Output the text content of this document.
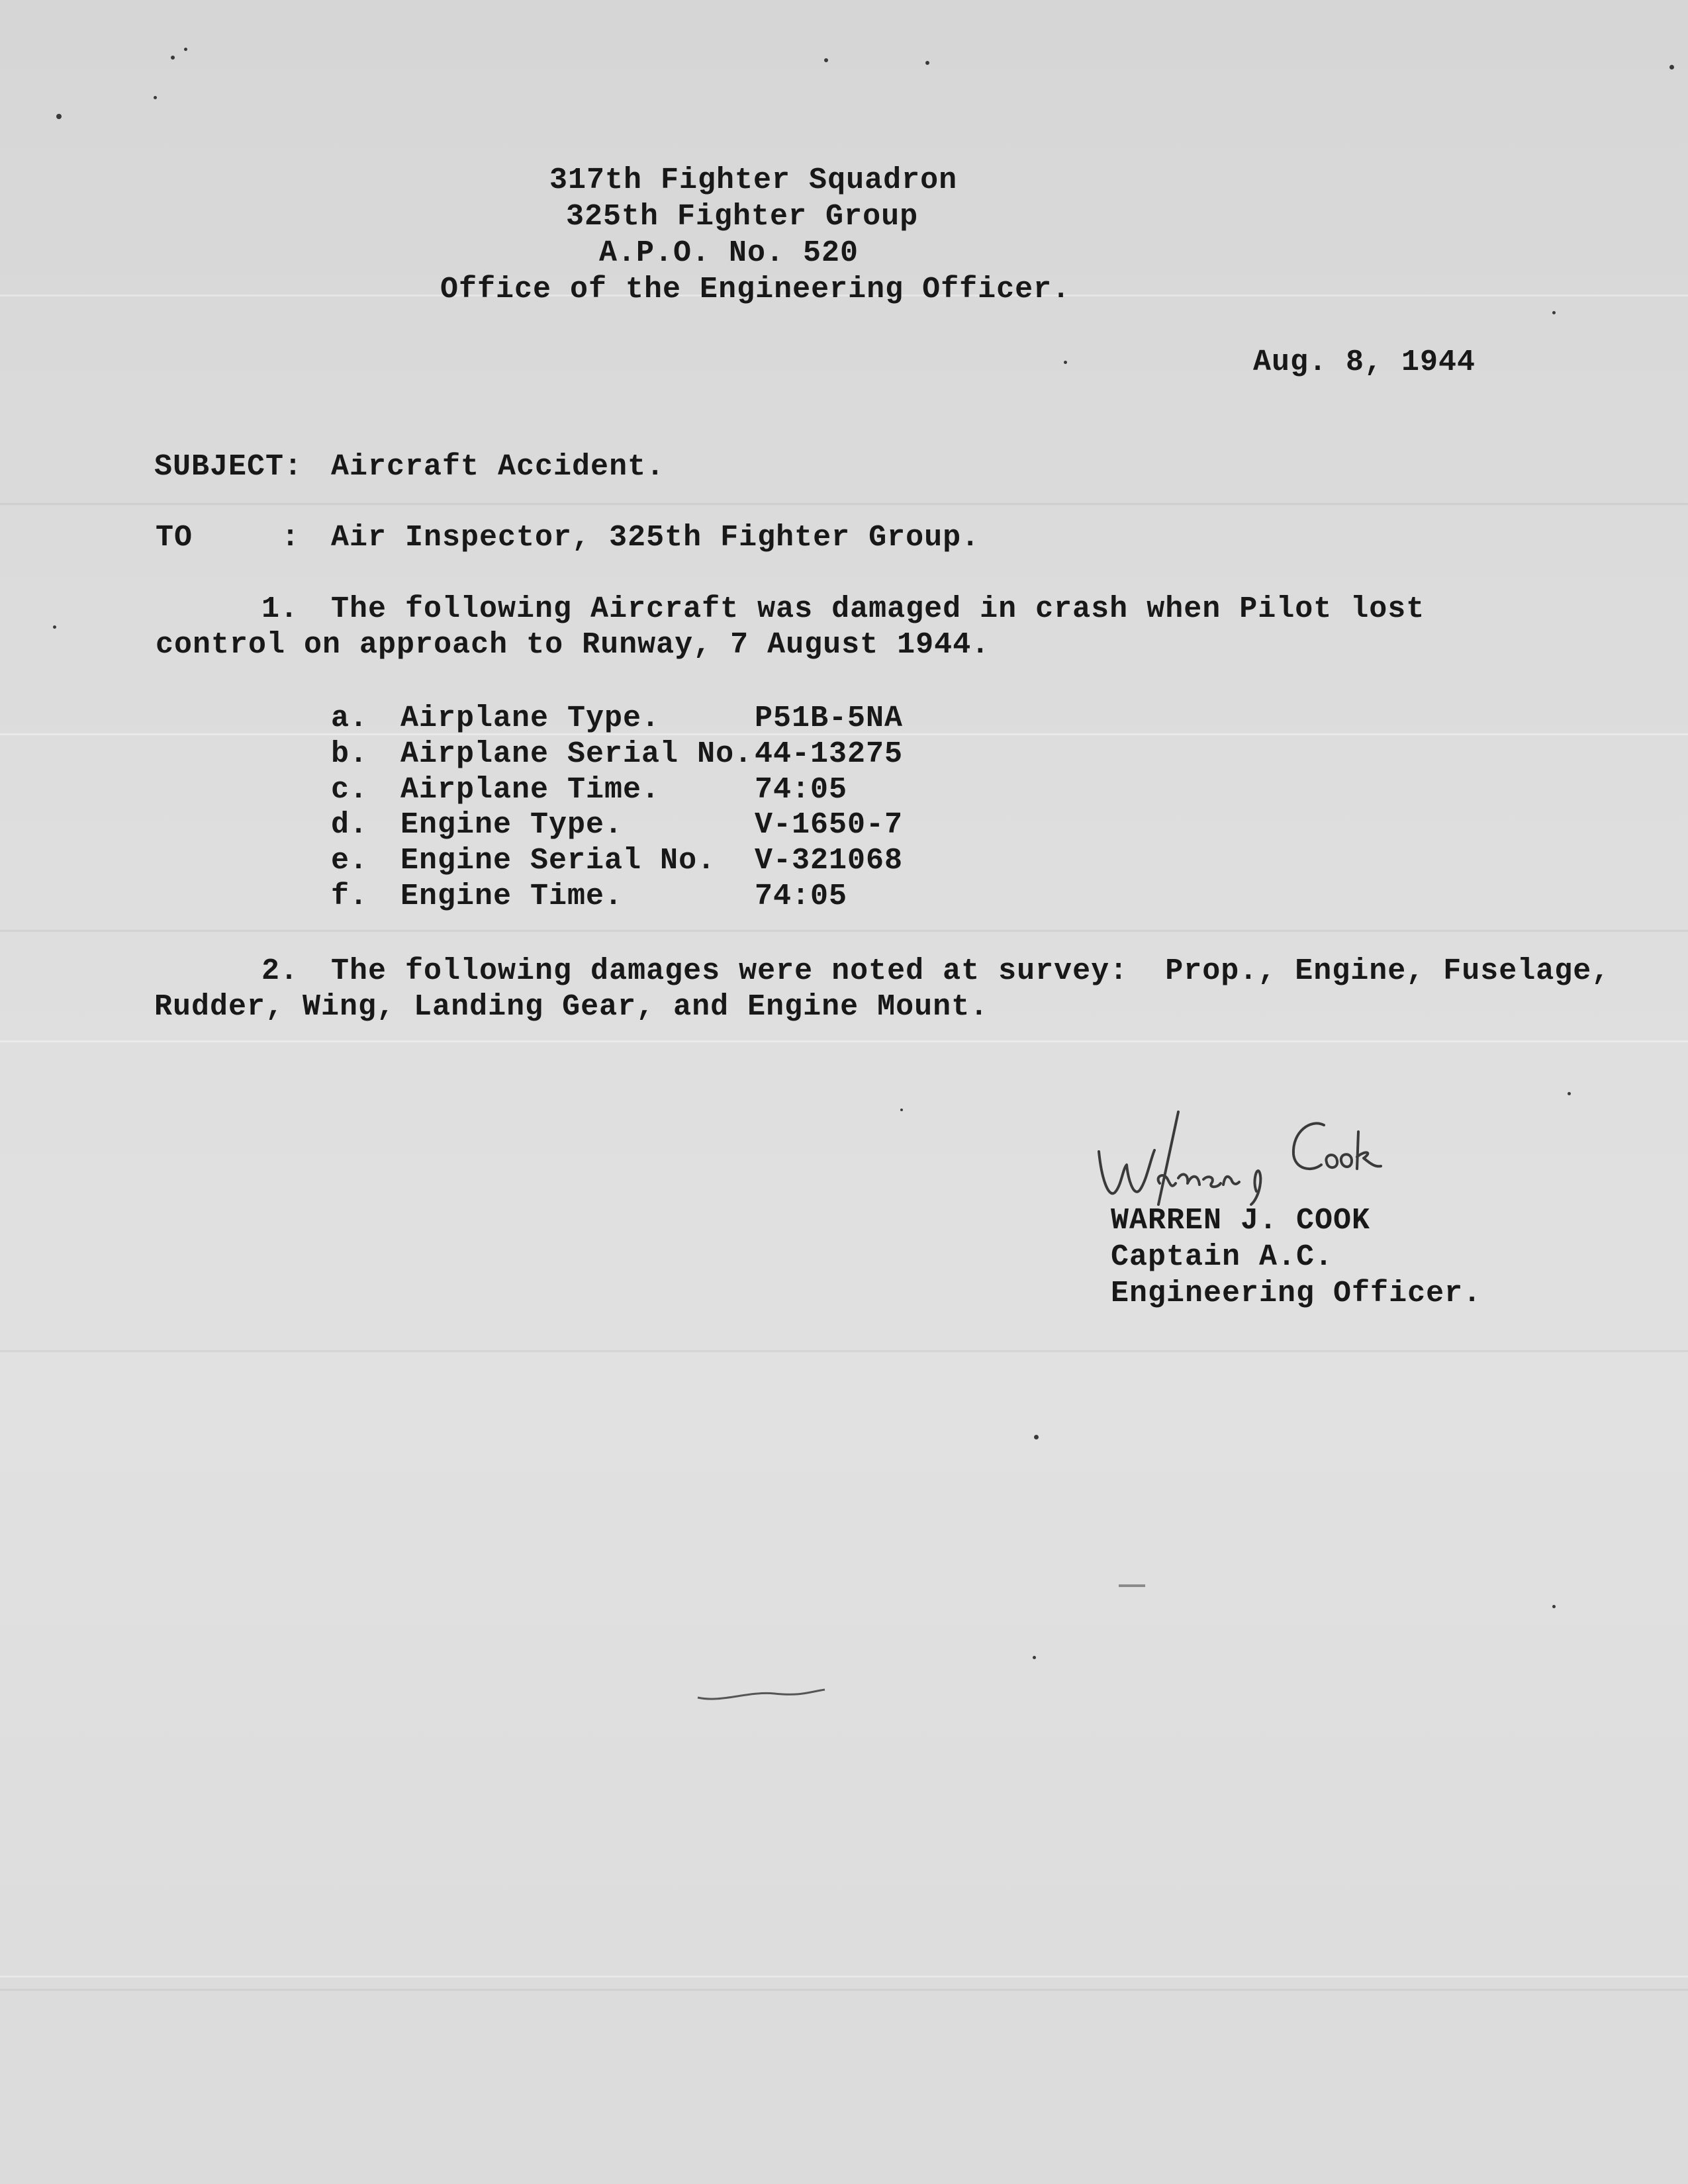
317th Fighter Squadron
325th Fighter Group
A.P.O. No. 520
Office of the Engineering Officer.
Aug. 8, 1944
SUBJECT: Aircraft Accident.
TO	: Air Inspector, 325th Fighter Group.
1. The following Aircraft was damaged in crash when Pilot lost
control on approach to Runway, 7 August 1944.
a. Airplane Type.	P51B-5NA
b. Airplane Serial No. 44-13275
c. Airplane Time.	74:05
d. Engine Type.	V-1650-7
e. Engine Serial No. V-321068
f. Engine Time.	74:05
2. The following damages were noted at survey:  Prop., Engine, Fuselage,
Rudder, Wing, Landing Gear, and Engine Mount.
WARREN J. COOK
Captain A.C.
Engineering Officer.
